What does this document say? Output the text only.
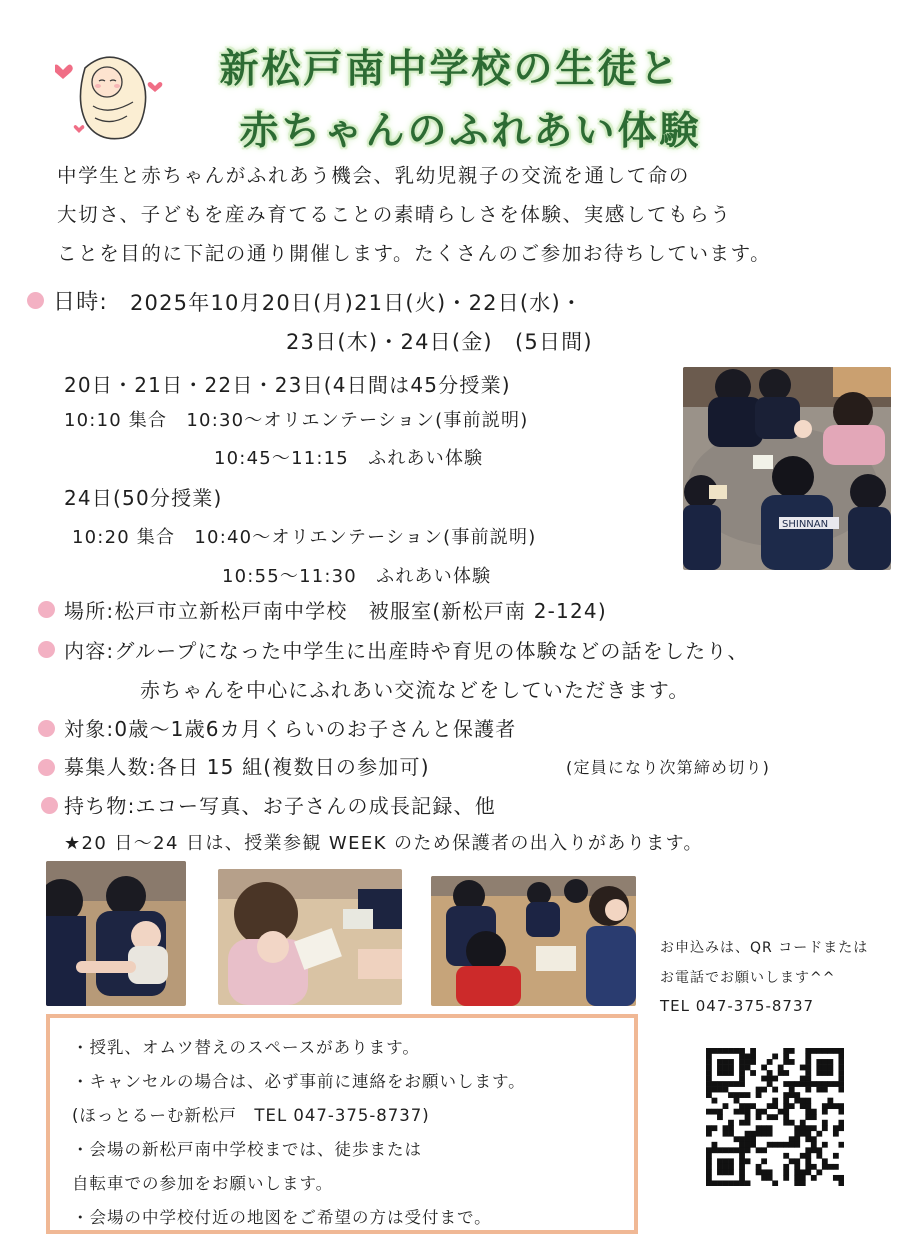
新松戸南中学校の生徒と
赤ちゃんのふれあい体験
中学生と赤ちゃんがふれあう機会、乳幼児親子の交流を通して命の
大切さ、子どもを産み育てることの素晴らしさを体験、実感してもらう
ことを目的に下記の通り開催します。たくさんのご参加お待ちしています。
日時: 2025年10月20日(月)21日(火)・22日(水)・
23日(木)・24日(金)　(5日間)
20日・21日・22日・23日(4日間は45分授業)
10:10 集合　10:30～オリエンテーション(事前説明)
10:45～11:15　ふれあい体験
24日(50分授業)
10:20 集合　10:40～オリエンテーション(事前説明)
10:55～11:30　ふれあい体験
SHINNAN
場所:松戸市立新松戸南中学校　被服室(新松戸南 2-124)
内容:グループになった中学生に出産時や育児の体験などの話をしたり、
赤ちゃんを中心にふれあい交流などをしていただきます。
対象:0歳～1歳6カ月くらいのお子さんと保護者
募集人数:各日 15 組(複数日の参加可)	(定員になり次第締め切り)
持ち物:エコー写真、お子さんの成長記録、他
★20 日～24 日は、授業参観 WEEK のため保護者の出入りがあります。
お申込みは、QR コードまたは
お電話でお願いします^^
TEL 047-375-8737
・授乳、オムツ替えのスペースがあります。
・キャンセルの場合は、必ず事前に連絡をお願いします。
(ほっとるーむ新松戸　TEL 047-375-8737)
・会場の新松戸南中学校までは、徒歩または
自転車での参加をお願いします。
・会場の中学校付近の地図をご希望の方は受付まで。
